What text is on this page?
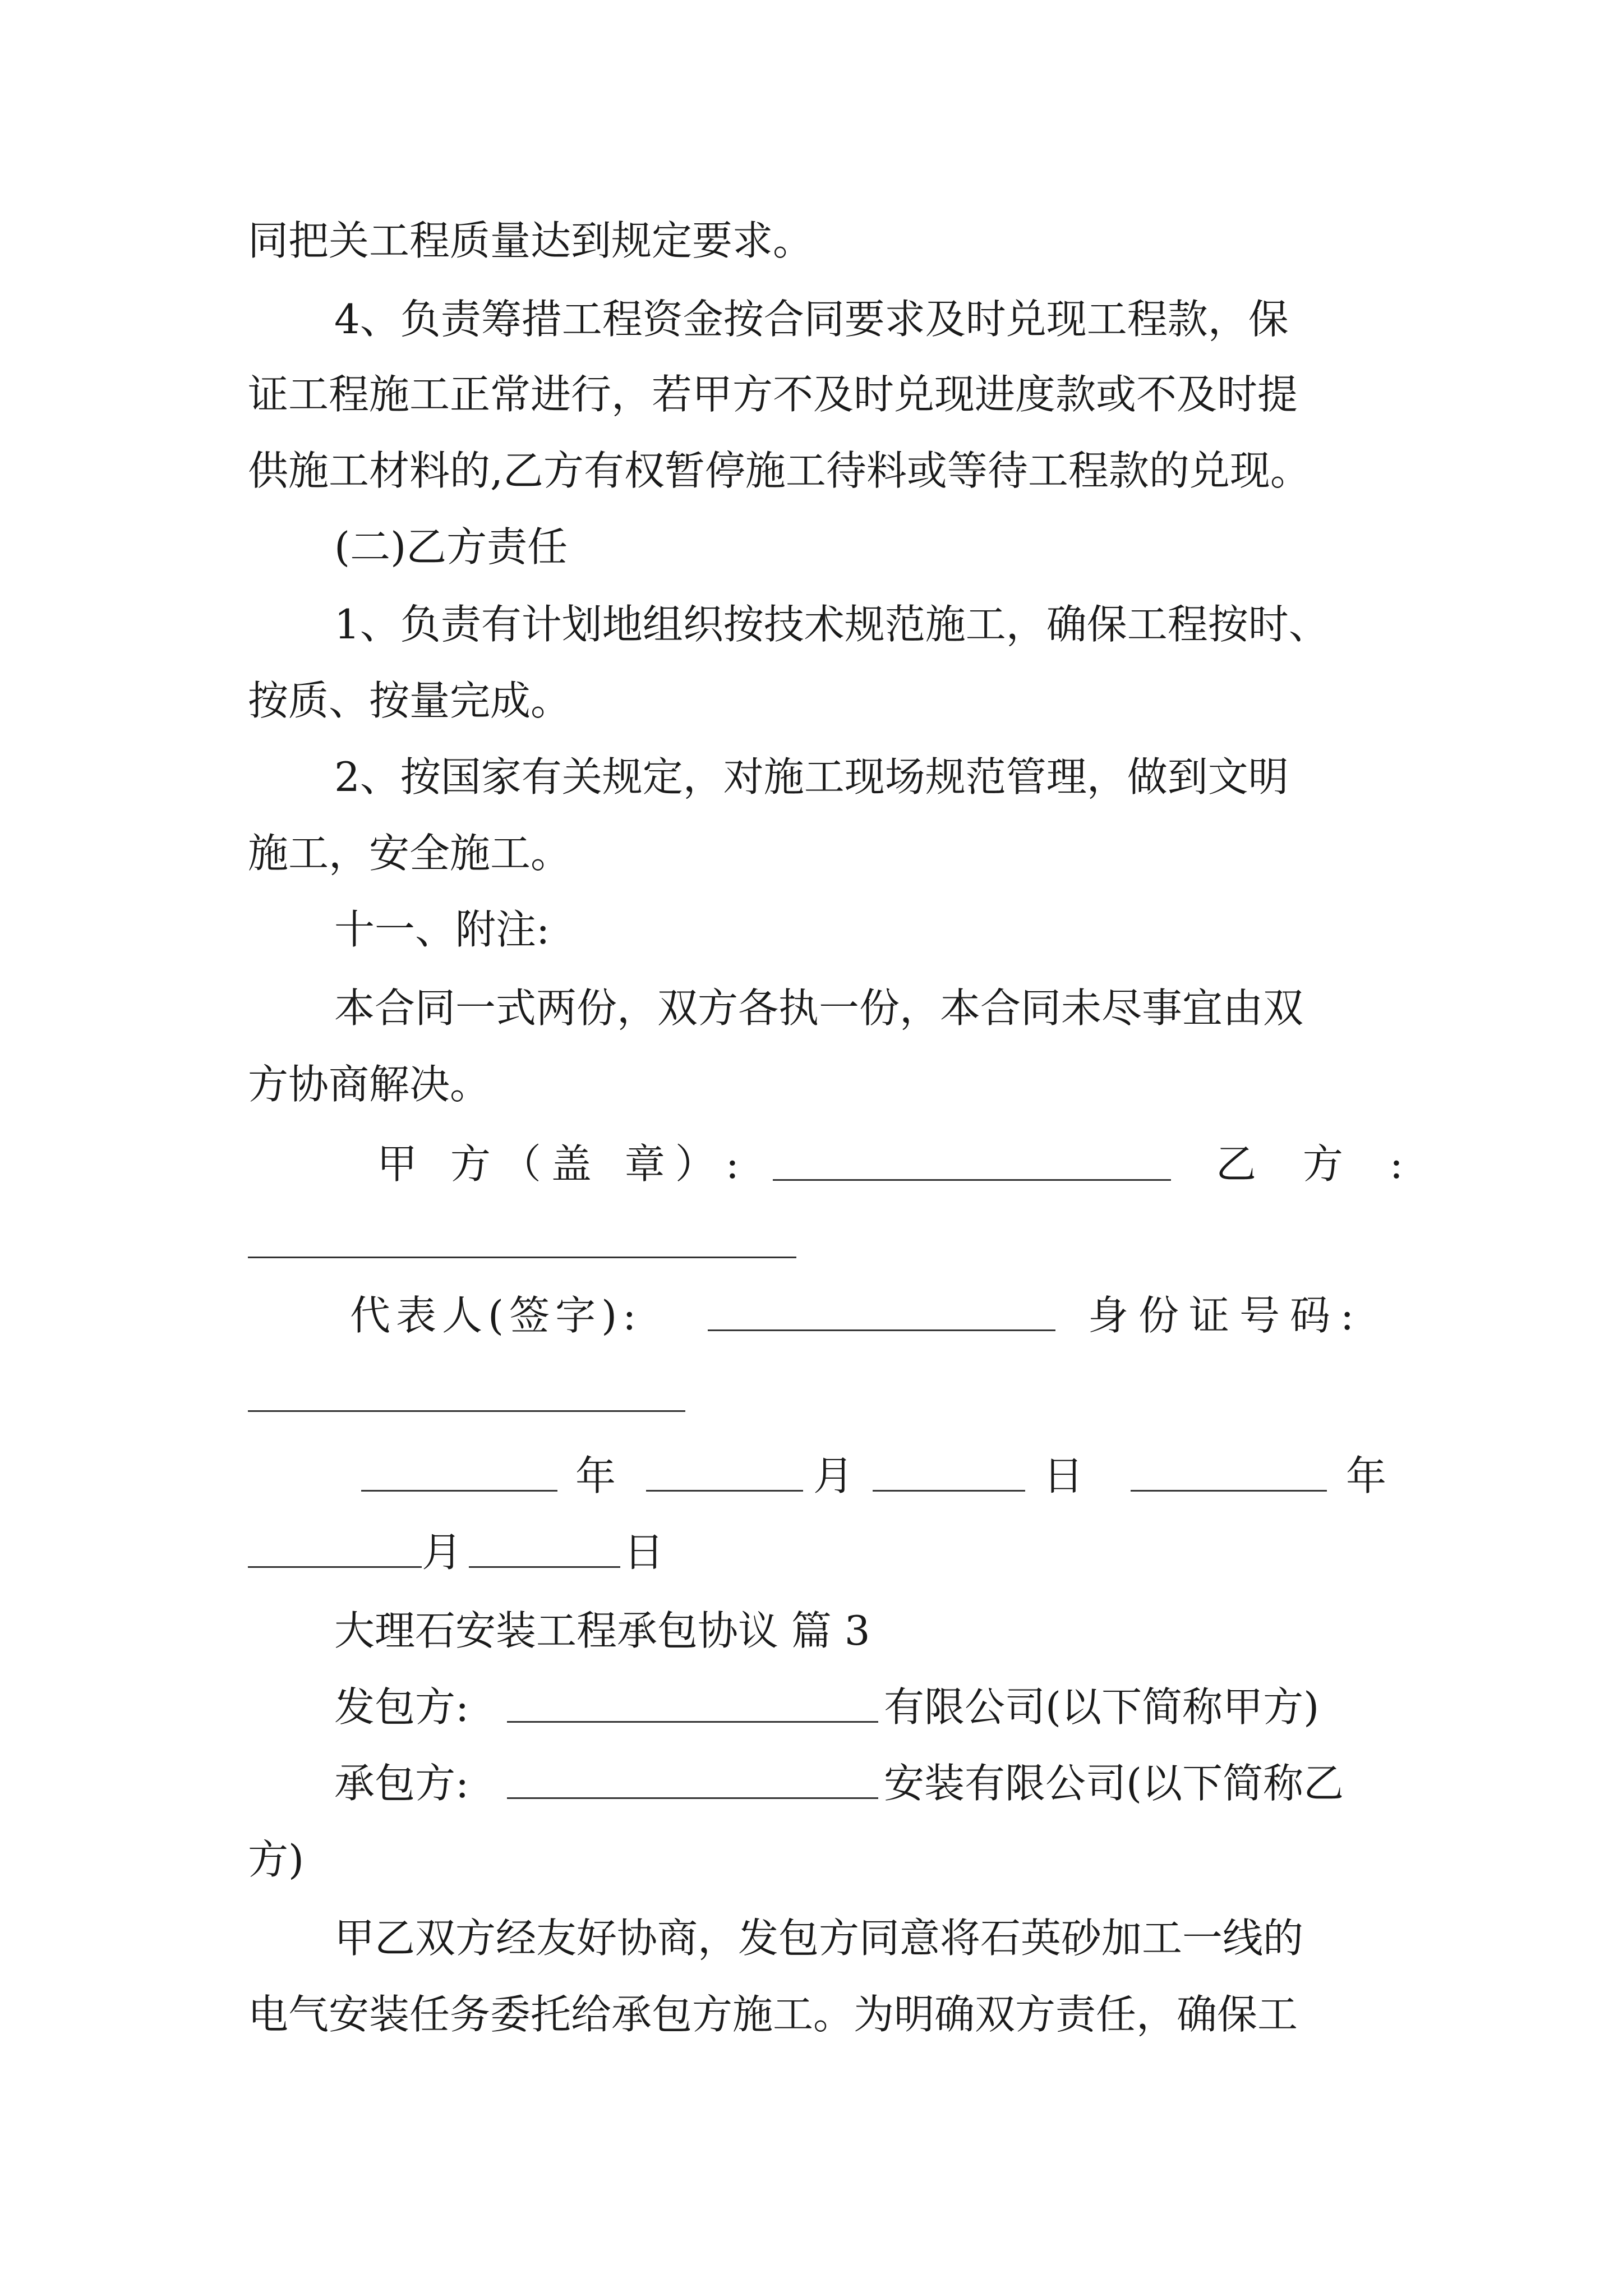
同把关工程质量达到规定要求。
4、负责筹措工程资金按合同要求及时兑现工程款，保
证工程施工正常进行，若甲方不及时兑现进度款或不及时提
供施工材料的,乙方有权暂停施工待料或等待工程款的兑现。
(二)乙方责任
1、负责有计划地组织按技术规范施工，确保工程按时、
按质、按量完成。
2、按国家有关规定，对施工现场规范管理，做到文明
施工，安全施工。
十一、附注:
本合同一式两份，双方各执一份，本合同未尽事宜由双
方协商解决。
甲 方（盖 章）:	乙 方 :
代表人(签字):	身份证号码:
年	月	日	年
月	日
大理石安装工程承包协议 篇 3
发包方:	有限公司(以下简称甲方)
承包方:	安装有限公司(以下简称乙
方)
甲乙双方经友好协商，发包方同意将石英砂加工一线的
电气安装任务委托给承包方施工。为明确双方责任，确保工
